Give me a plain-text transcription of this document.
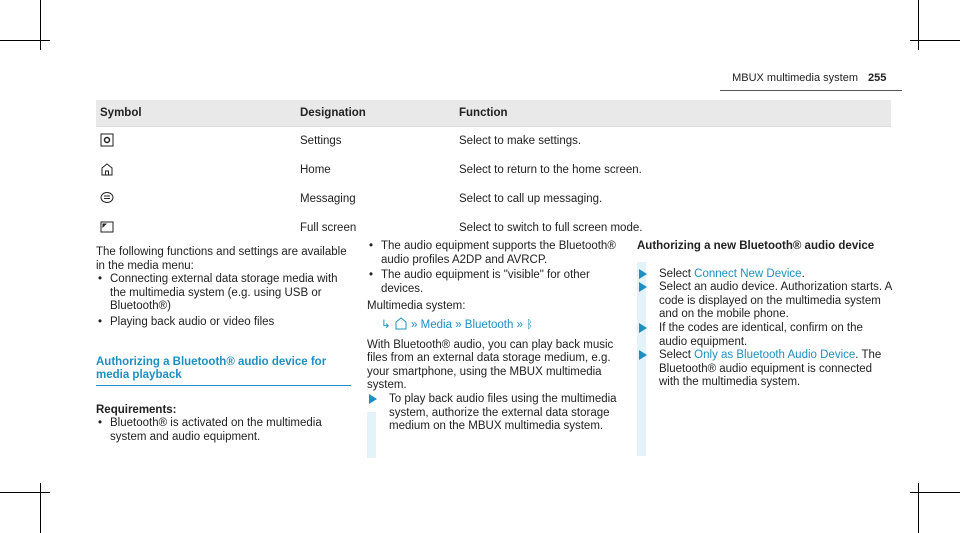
MBUX multimedia system 255
Symbol	Designation	Function
	Settings	Select to make settings.
	Home	Select to return to the home screen.
	Messaging	Select to call up messaging.
	Full screen	Select to switch to full screen mode.

The following functions and settings are available in the media menu:

• Connecting external data storage media with the multimedia system (e.g. using USB or Bluetooth®)

• Playing back audio or video files

Authorizing a Bluetooth® audio device for media playback

Requirements:

• Bluetooth® is activated on the multimedia system and audio equipment.

• The audio equipment supports the Bluetooth® audio profiles A2DP and AVRCP.

• The audio equipment is "visible" for other devices.

Multimedia system:

↳ » Media » Bluetooth » ᛒ

With Bluetooth® audio, you can play back music files from an external data storage medium, e.g. your smartphone, using the MBUX multimedia system.

To play back audio files using the multimedia system, authorize the external data storage medium on the MBUX multimedia system.

Authorizing a new Bluetooth® audio device

Select Connect New Device.

Select an audio device. Authorization starts. A code is displayed on the multimedia system and on the mobile phone.

If the codes are identical, confirm on the audio equipment.

Select Only as Bluetooth Audio Device. The Bluetooth® audio equipment is connected with the multimedia system.
